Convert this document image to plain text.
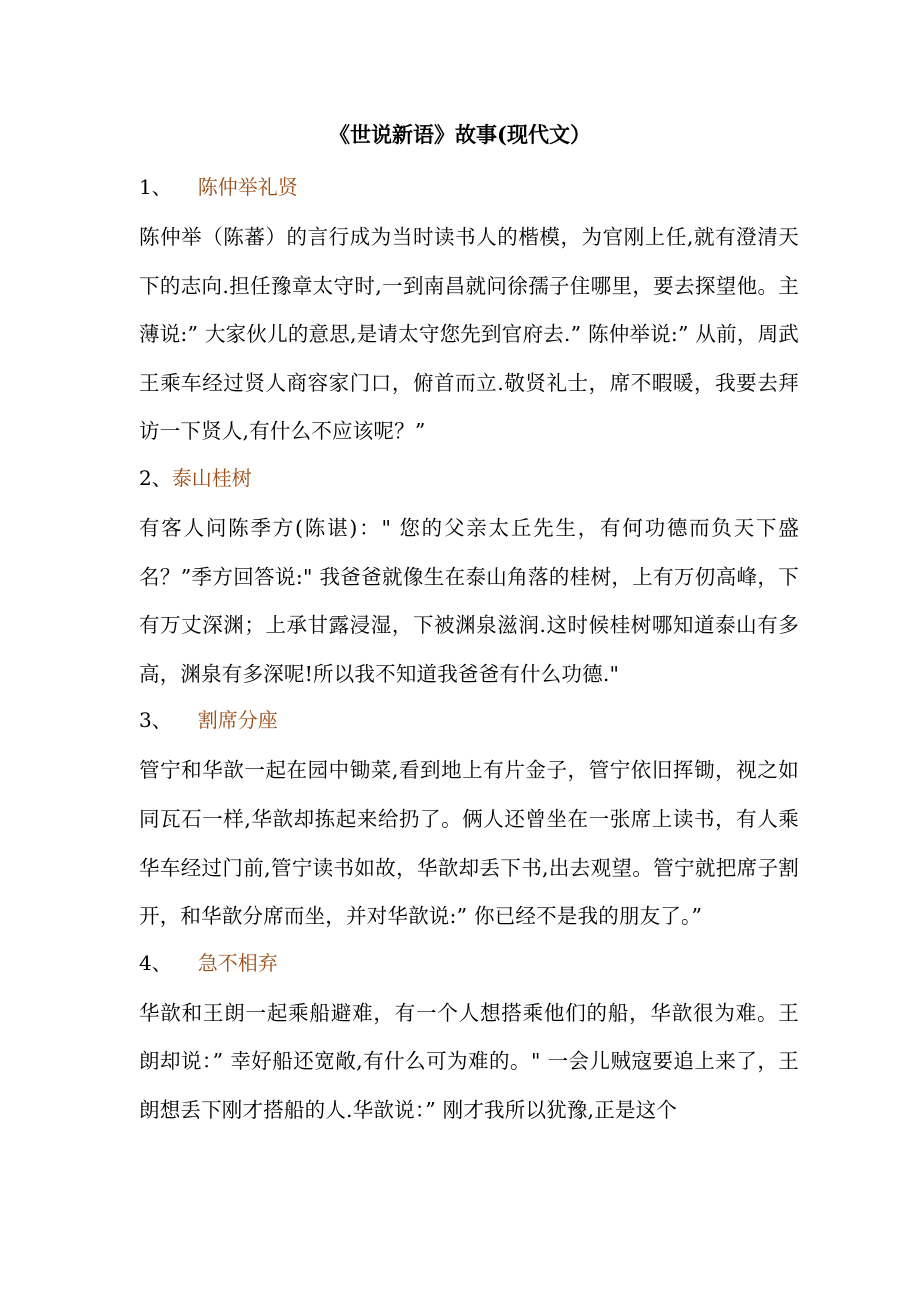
《世说新语》故事(现代文）
1、 陈仲举礼贤

陈仲举（陈蕃）的言行成为当时读书人的楷模，为官刚上任,就有澄清天下的志向.担任豫章太守时,一到南昌就问徐孺子住哪里，要去探望他。主薄说:” 大家伙儿的意思,是请太守您先到官府去.” 陈仲举说:” 从前，周武王乘车经过贤人商容家门口，俯首而立.敬贤礼士，席不暇暖，我要去拜访一下贤人,有什么不应该呢？”

2、泰山桂树

有客人问陈季方(陈谌)：" 您的父亲太丘先生，有何功德而负天下盛名？”季方回答说:" 我爸爸就像生在泰山角落的桂树，上有万仞高峰，下有万丈深渊；上承甘露浸湿，下被渊泉滋润.这时候桂树哪知道泰山有多高，渊泉有多深呢!所以我不知道我爸爸有什么功德."

3、 割席分座

管宁和华歆一起在园中锄菜,看到地上有片金子，管宁依旧挥锄，视之如同瓦石一样,华歆却拣起来给扔了。俩人还曾坐在一张席上读书，有人乘华车经过门前,管宁读书如故，华歆却丢下书,出去观望。管宁就把席子割开，和华歆分席而坐，并对华歆说:” 你已经不是我的朋友了。”

4、 急不相弃

华歆和王朗一起乘船避难，有一个人想搭乘他们的船，华歆很为难。王朗却说：” 幸好船还宽敞,有什么可为难的。" 一会儿贼寇要追上来了，王朗想丢下刚才搭船的人.华歆说：” 刚才我所以犹豫,正是这个
